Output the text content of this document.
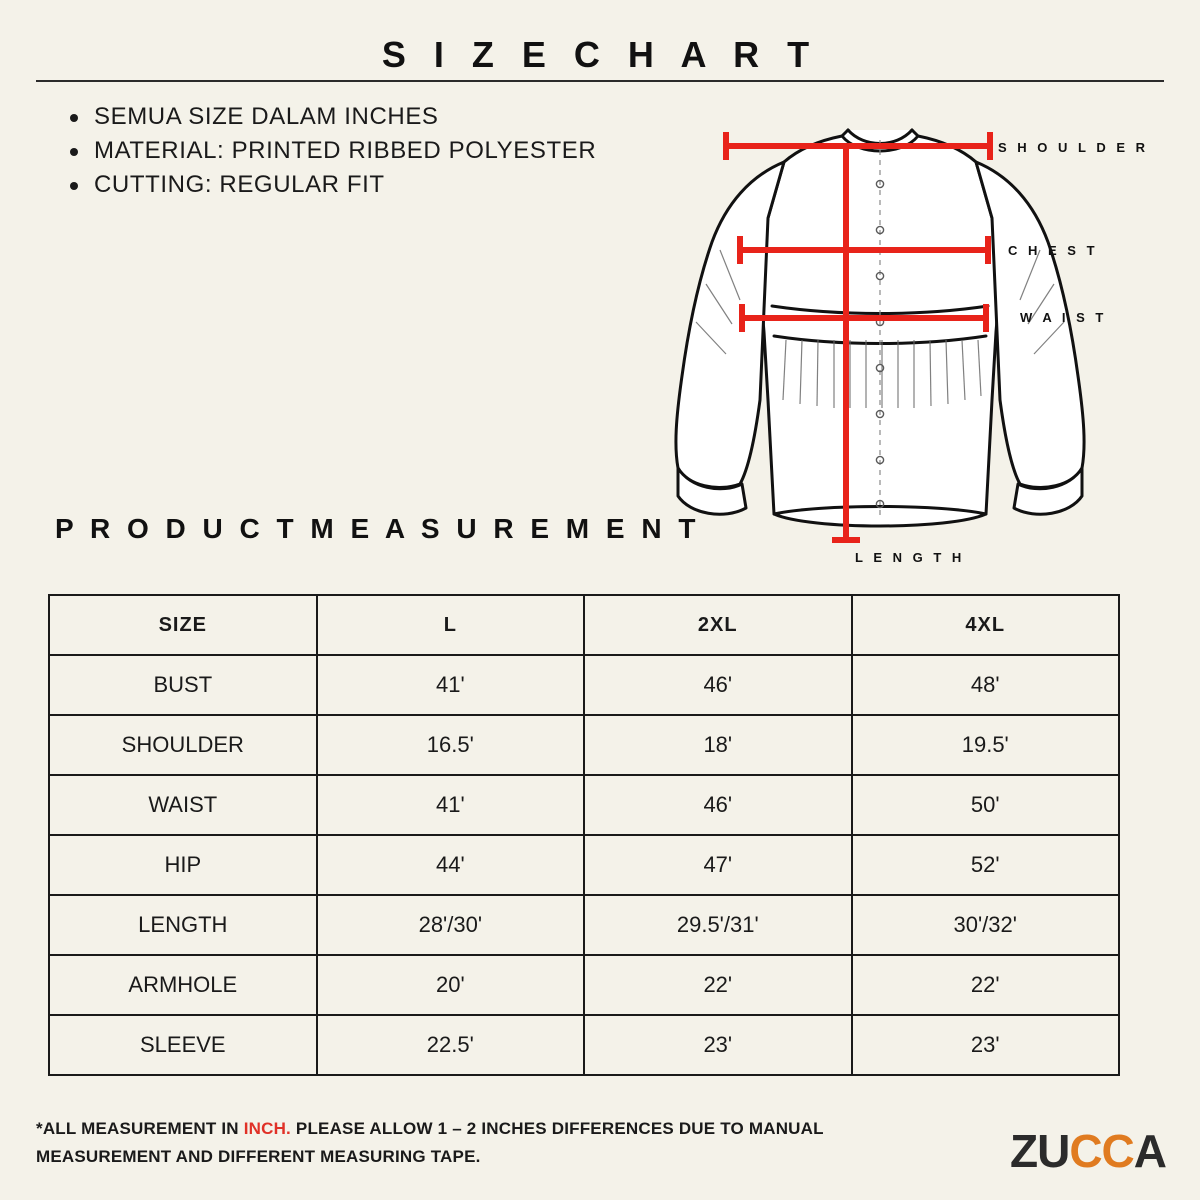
S I Z E C H A R T
SEMUA SIZE DALAM INCHES
MATERIAL: PRINTED RIBBED POLYESTER
CUTTING: REGULAR FIT
S H O U L D E R
C H E S T
W A I S T
L E N G T H
P R O D U C T M E A S U R E M E N T
SIZE	L	2XL	4XL
BUST	41'	46'	48'
SHOULDER	16.5'	18'	19.5'
WAIST	41'	46'	50'
HIP	44'	47'	52'
LENGTH	28'/30'	29.5'/31'	30'/32'
ARMHOLE	20'	22'	22'
SLEEVE	22.5'	23'	23'
*ALL MEASUREMENT IN INCH. PLEASE ALLOW 1 – 2 INCHES DIFFERENCES DUE TO MANUAL MEASUREMENT AND DIFFERENT MEASURING TAPE.	ZUCCA
